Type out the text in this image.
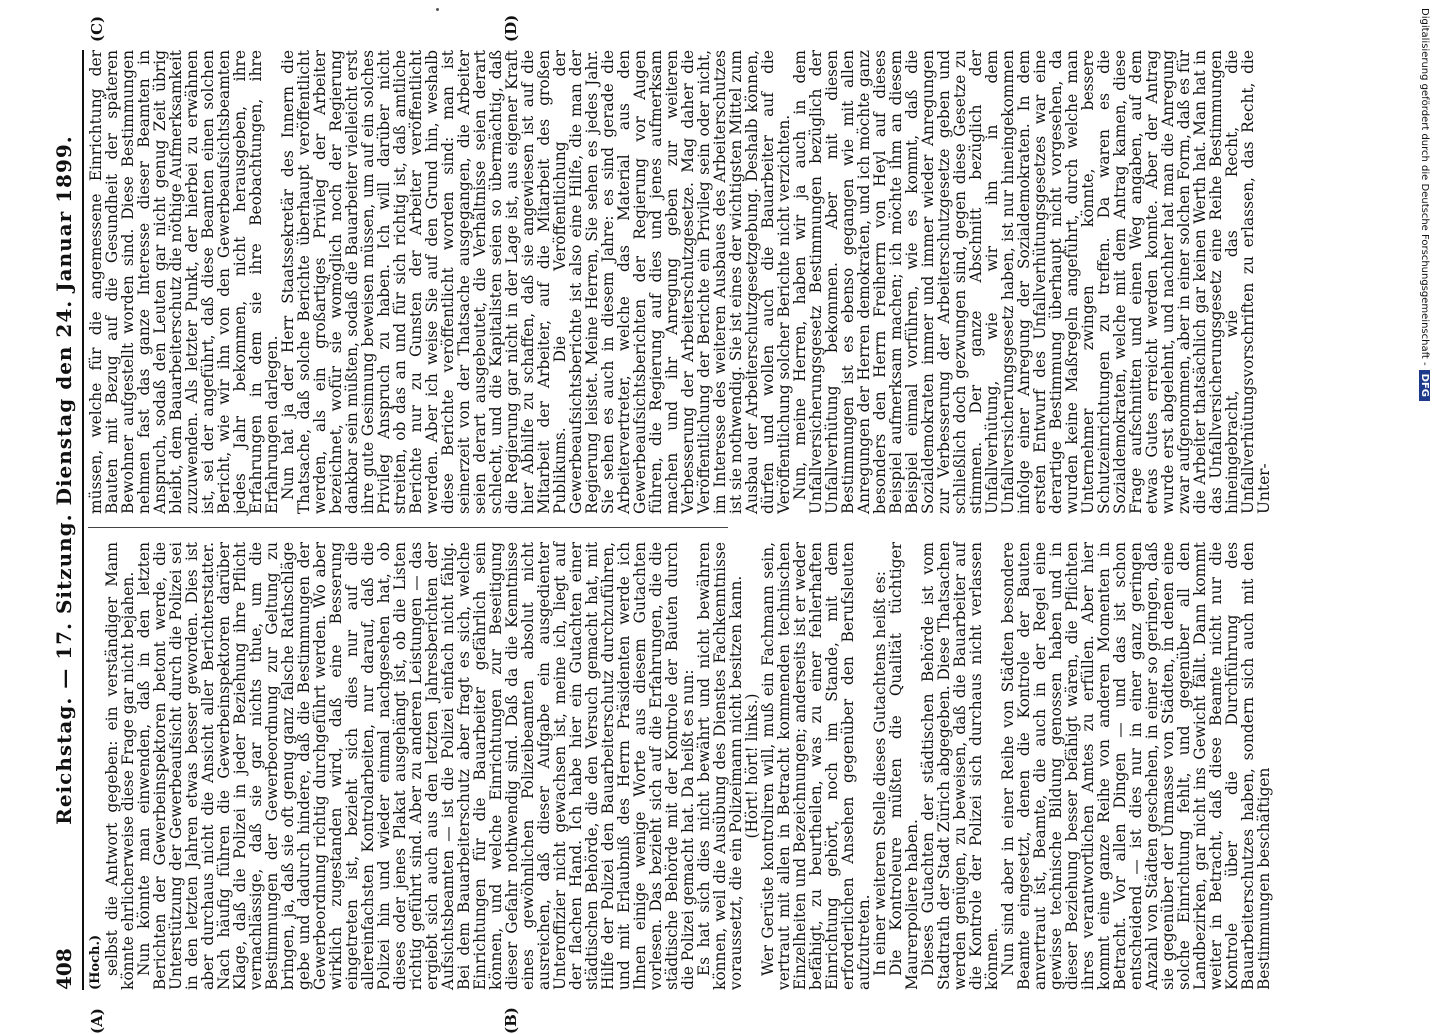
408
Reichstag. — 17. Sitzung. Dienstag den 24. Januar 1899.

(Hoch.) selbst die Antwort gegeben: ein verständiger Mann könnte ehrlicherweise diese Frage gar nicht bejahen.

Nun könnte man einwenden, daß in den letzten Berichten der Gewerbeinspektoren betont werde, die Unterstützung der Gewerbeaufsicht durch die Polizei sei in den letzten Jahren etwas besser geworden. Dies ist aber durchaus nicht die Ansicht aller Berichterstatter. Nach häufig führen die Gewerbeinspektoren darüber Klage, daß die Polizei in jeder Beziehung ihre Pflicht vernachlässige, daß sie gar nichts thue, um die Bestimmungen der Gewerbeordnung zur Geltung zu bringen, ja, daß sie oft genug ganz falsche Rathschläge gebe und dadurch hindere, daß die Bestimmungen der Gewerbeordnung richtig durchgeführt werden. Wo aber wirklich zugestanden wird, daß eine Besserung eingetreten ist, bezieht sich dies nur auf die allereinfachsten Kontrolarbeiten, nur darauf, daß die Polizei hin und wieder einmal nachgesehen hat, ob dieses oder jenes Plakat ausgehängt ist, ob die Listen richtig geführt sind. Aber zu anderen Leistungen — das ergiebt sich auch aus den letzten Jahresberichten der Aufsichtsbeamten — ist die Polizei einfach nicht fähig. Bei dem Bauarbeiterschutz aber fragt es sich, welche Einrichtungen für die Bauarbeiter gefährlich sein können, und welche Einrichtungen zur Beseitigung dieser Gefahr nothwendig sind. Daß da die Kenntnisse eines gewöhnlichen Polizeibeamten absolut nicht ausreichen, daß dieser Aufgabe ein ausgedienter Unteroffizier nicht gewachsen ist, meine ich, liegt auf der flachen Hand. Ich habe hier ein Gutachten einer städtischen Behörde, die den Versuch gemacht hat, mit Hilfe der Polizei den Bauarbeiterschutz durchzuführen, und mit Erlaubniß des Herrn Präsidenten werde ich Ihnen einige wenige Worte aus diesem Gutachten vorlesen. Das bezieht sich auf die Erfahrungen, die die städtische Behörde mit der Kontrole der Bauten durch die Polizei gemacht hat. Da heißt es nun:

Es hat sich dies nicht bewährt und nicht bewähren können, weil die Ausübung des Dienstes Fachkenntnisse voraussetzt, die ein Polizeimann nicht besitzen kann.

(Hört! hört! links.)

Wer Gerüste kontroliren will, muß ein Fachmann sein, vertraut mit allen in Betracht kommenden technischen Einzelheiten und Bezeichnungen; anderseits ist er weder befähigt, zu beurtheilen, was zu einer fehlerhaften Einrichtung gehört, noch im Stande, mit dem erforderlichen Ansehen gegenüber den Berufsleuten aufzutreten.

In einer weiteren Stelle dieses Gutachtens heißt es:

Die Kontroleure müßten die Qualität tüchtiger Maurerpoliere haben.

Dieses Gutachten der städtischen Behörde ist vom Stadtrath der Stadt Zürich abgegeben. Diese Thatsachen werden genügen, zu beweisen, daß die Bauarbeiter auf die Kontrole der Polizei sich durchaus nicht verlassen können.

Nun sind aber in einer Reihe von Städten besondere Beamte eingesetzt, denen die Kontrole der Bauten anvertraut ist, Beamte, die auch in der Regel eine gewisse technische Bildung genossen haben und in dieser Beziehung besser befähigt wären, die Pflichten ihres verantwortlichen Amtes zu erfüllen. Aber hier kommt eine ganze Reihe von anderen Momenten in Betracht. Vor allen Dingen — und das ist schon entscheidend — ist dies nur in einer ganz geringen Anzahl von Städten geschehen, in einer so geringen, daß sie gegenüber der Unmasse von Städten, in denen eine solche Einrichtung fehlt, und gegenüber all den Landbezirken, gar nicht ins Gewicht fällt. Dann kommt weiter in Betracht, daß diese Beamte nicht nur die Kontrole über die Durchführung des Bauarbeiterschutzes haben, sondern sich auch mit den Bestimmungen beschäftigen

müssen, welche für die angemessene Einrichtung der Bauten mit Bezug auf die Gesundheit der späteren Bewohner aufgestellt worden sind. Diese Bestimmungen nehmen fast das ganze Interesse dieser Beamten in Anspruch, sodaß den Leuten gar nicht genug Zeit übrig bleibt, dem Bauarbeiterschutz die nöthige Aufmerksamkeit zuzuwenden. Als letzter Punkt, der hierbei zu erwähnen ist, sei der angeführt, daß diese Beamten einen solchen Bericht, wie wir ihn von den Gewerbeaufsichtsbeamten jedes Jahr bekommen, nicht herausgeben, ihre Erfahrungen in dem sie ihre Beobachtungen, ihre Erfahrungen darlegen.

Nun hat ja der Herr Staatssekretär des Innern die Thatsache, daß solche Berichte überhaupt veröffentlicht werden, als ein großartiges Privileg der Arbeiter bezeichnet, wofür sie womöglich noch der Regierung dankbar sein müßten, sodaß die Bauarbeiter vielleicht erst ihre gute Gesinnung beweisen müssen, um auf ein solches Privileg Anspruch zu haben. Ich will darüber nicht streiten, ob das an und für sich richtig ist, daß amtliche Berichte nur zu Gunsten der Arbeiter veröffentlicht werden. Aber ich weise Sie auf den Grund hin, weshalb diese Berichte veröffentlicht worden sind: man ist seinerzeit von der Thatsache ausgegangen, die Arbeiter seien derart ausgebeutet, die Verhältnisse seien derart schlecht, und die Kapitalisten seien so übermächtig, daß die Regierung gar nicht in der Lage ist, aus eigener Kraft hier Abhilfe zu schaffen, daß sie angewiesen ist auf die Mitarbeit der Arbeiter, auf die Mitarbeit des großen Publikums. Die Veröffentlichung der Gewerbeaufsichtsberichte ist also eine Hilfe, die man der Regierung leistet. Meine Herren, Sie sehen es jedes Jahr. Sie sehen es auch in diesem Jahre: es sind gerade die Arbeitervertreter, welche das Material aus den Gewerbeaufsichtsberichten der Regierung vor Augen führen, die Regierung auf dies und jenes aufmerksam machen und ihr Anregung geben zur weiteren Verbesserung der Arbeiterschutzgesetze. Mag daher die Veröffentlichung der Berichte ein Privileg sein oder nicht, im Interesse des weiteren Ausbaues des Arbeiterschutzes ist sie nothwendig. Sie ist eines der wichtigsten Mittel zum Ausbau der Arbeiterschutzgesetzgebung. Deshalb können, dürfen und wollen auch die Bauarbeiter auf die Veröffentlichung solcher Berichte nicht verzichten.

Nun, meine Herren, haben wir ja auch in dem Unfallversicherungsgesetz Bestimmungen bezüglich der Unfallverhütung bekommen. Aber mit diesen Bestimmungen ist es ebenso gegangen wie mit allen Anregungen der Herren demokraten, und ich möchte ganz besonders den Herrn Freiherrn von Heyl auf dieses Beispiel aufmerksam machen; ich möchte ihm an diesem Beispiel einmal vorführen, wie es kommt, daß die Sozialdemokraten immer und immer wieder Anregungen zur Verbesserung der Arbeiterschutzgesetze geben und schließlich doch gezwungen sind, gegen diese Gesetze zu stimmen. Der ganze Abschnitt bezüglich der Unfallverhütung, wie wir ihn in dem Unfallversicherungsgesetz haben, ist nur hineingekommen infolge einer Anregung der Sozialdemokraten. In dem ersten Entwurf des Unfallverhütungsgesetzes war eine derartige Bestimmung überhaupt nicht vorgesehen, da wurden keine Maßregeln angeführt, durch welche man Unternehmer zwingen könnte, bessere Schutzeinrichtungen zu treffen. Da waren es die Sozialdemokraten, welche mit dem Antrag kamen, diese Frage aufschnitten und einen Weg angaben, auf dem etwas Gutes erreicht werden konnte. Aber der Antrag wurde erst abgelehnt, und nachher hat man die Anregung zwar aufgenommen, aber in einer solchen Form, daß es für die Arbeiter thatsächlich gar keinen Werth hat. Man hat in das Unfallversicherungsgesetz eine Reihe Bestimmungen hineingebracht, wie das Recht, die Unfallverhütungsvorschriften zu erlassen, das Recht, die Unter-

(A)	(B)
(C)	(D)	Digitalisierung gefördert durch die Deutsche Forschungsgemeinschaft -DFG
